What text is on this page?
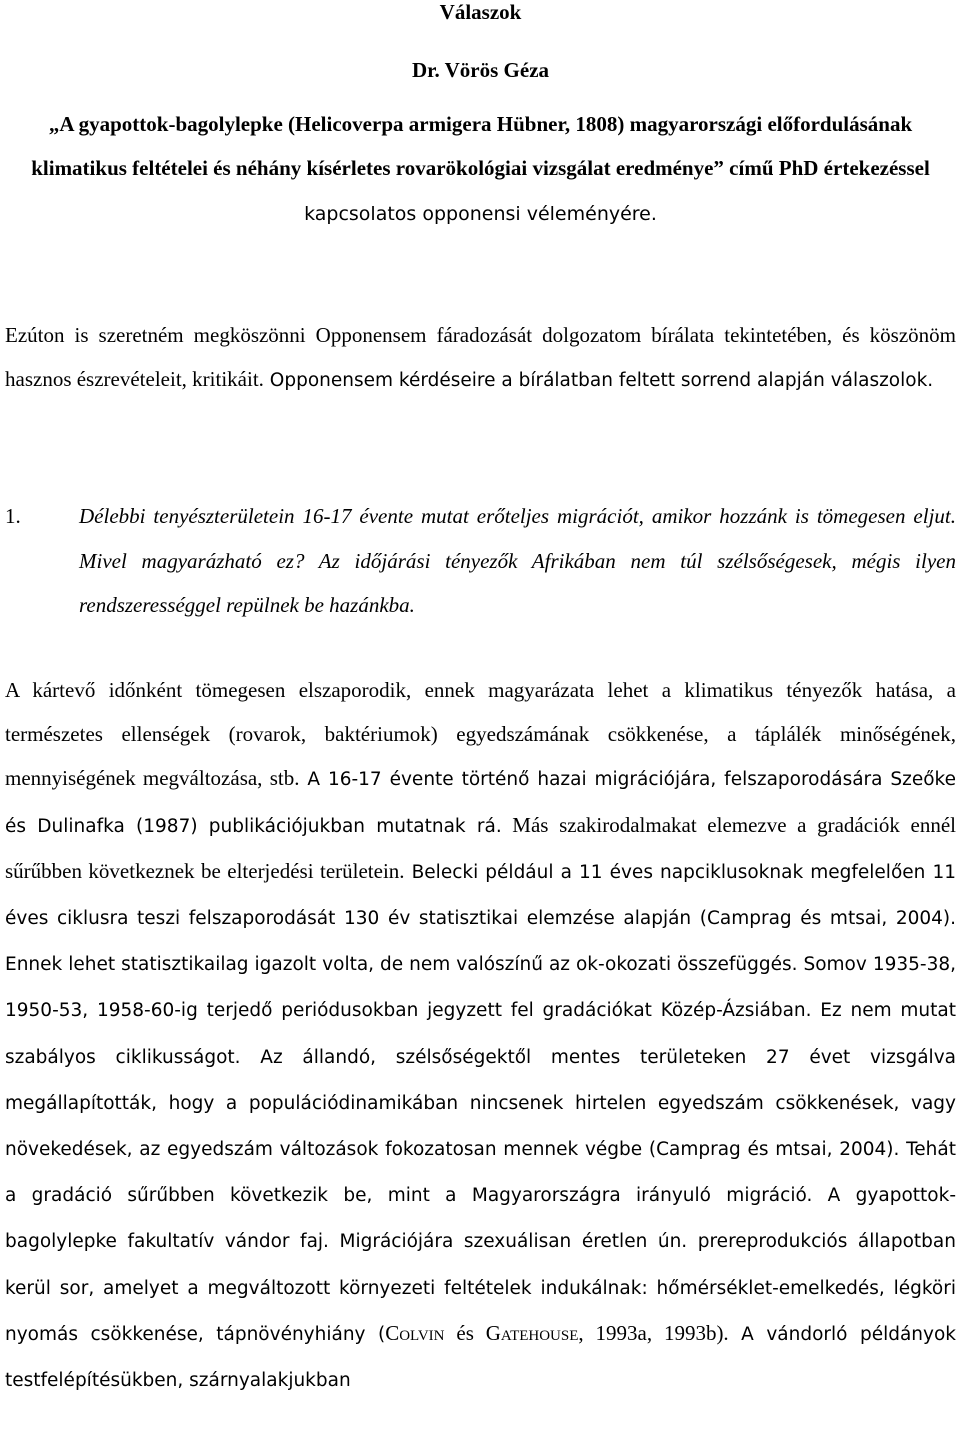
Válaszok

Dr. Vörös Géza

„A gyapottok-bagolylepke (Helicoverpa armigera Hübner, 1808) magyarországi előfordulásának klimatikus feltételei és néhány kísérletes rovarökológiai vizsgálat eredménye” című PhD értekezéssel kapcsolatos opponensi véleményére.

Ezúton is szeretném megköszönni Opponensem fáradozását dolgozatom bírálata tekintetében, és köszönöm hasznos észrevételeit, kritikáit. Opponensem kérdéseire a bírálatban feltett sorrend alapján válaszolok.

1.	Délebbi tenyészterületein 16-17 évente mutat erőteljes migrációt, amikor hozzánk is tömegesen eljut. Mivel magyarázható ez? Az időjárási tényezők Afrikában nem túl szélsőségesek, mégis ilyen rendszerességgel repülnek be hazánkba.

A kártevő időnként tömegesen elszaporodik, ennek magyarázata lehet a klimatikus tényezők hatása, a természetes ellenségek (rovarok, baktériumok) egyedszámának csökkenése, a táplálék minőségének, mennyiségének megváltozása, stb. A 16-17 évente történő hazai migrációjára, felszaporodására Szeőke és Dulinafka (1987) publikációjukban mutatnak rá. Más szakirodalmakat elemezve a gradációk ennél sűrűbben következnek be elterjedési területein. Belecki például a 11 éves napciklusoknak megfelelően 11 éves ciklusra teszi felszaporodását 130 év statisztikai elemzése alapján (Camprag és mtsai, 2004). Ennek lehet statisztikailag igazolt volta, de nem valószínű az ok-okozati összefüggés. Somov 1935-38, 1950-53, 1958-60-ig terjedő periódusokban jegyzett fel gradációkat Közép-Ázsiában. Ez nem mutat szabályos ciklikusságot. Az állandó, szélsőségektől mentes területeken 27 évet vizsgálva megállapították, hogy a populációdinamikában nincsenek hirtelen egyedszám csökkenések, vagy növekedések, az egyedszám változások fokozatosan mennek végbe (Camprag és mtsai, 2004). Tehát a gradáció sűrűbben következik be, mint a Magyarországra irányuló migráció. A gyapottok-bagolylepke fakultatív vándor faj. Migrációjára szexuálisan éretlen ún. prereprodukciós állapotban kerül sor, amelyet a megváltozott környezeti feltételek indukálnak: hőmérséklet-emelkedés, légköri nyomás csökkenése, tápnövényhiány (Colvin és Gatehouse, 1993a, 1993b). A vándorló példányok testfelépítésükben, szárnyalakjukban
